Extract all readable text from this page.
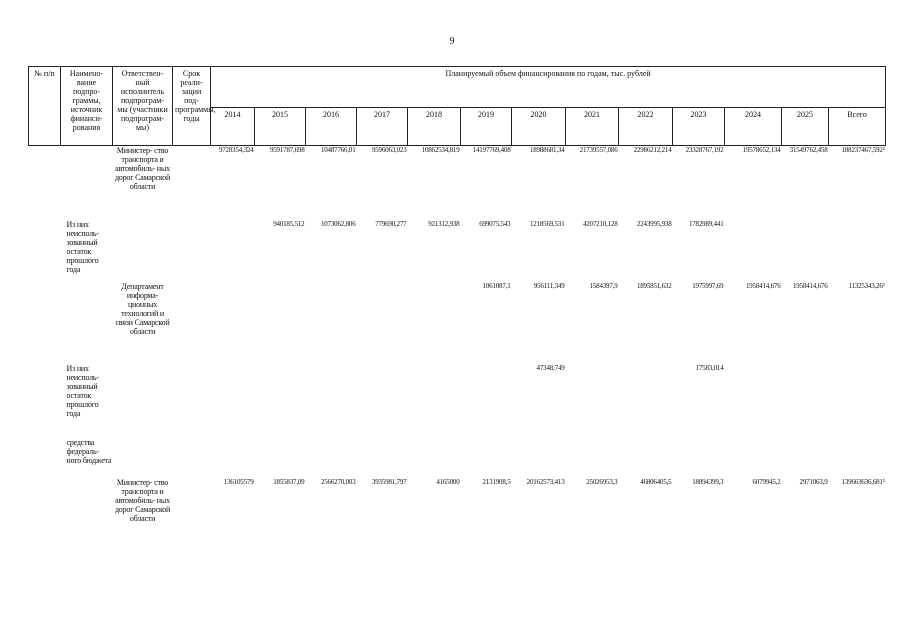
9
№ п/п	Наимено- вание подпро- граммы, источник финанси- рования	Ответствен- ный исполнитель подпрограм- мы (участники подпрограм- мы)	Срок реали- зации под- программы, годы	Планируемый объем финансирования по годам, тыс. рублей												
				2014	2015	2016	2017	2018	2019	2020	2021	2022	2023	2024	2025	Всего
		Министер- ство транспорта и автомобиль- ных дорог Самарской области		9728354,324	9591787,698	10487766,01	9596063,023	10862534,819	14197769,408	18988681,34	21739557,086	22986212,214	23328767,192	19578652,134	31549762,458	188237467,592²
	Из них неисполь- зованный остаток прошлого года				940185,512	1073062,806	779690,277	921312,938	699075,543	1218569,531	4207210,128	2243995,938	1782989,441			
		Департамент информа- ционных технологий и связи Самарской области							1061087,1	956111,349	1584397,9	1895851,632	1975997,69	1958414,676	1958414,676	11325343,26²
	Из них неисполь- зованный остаток прошлого года									47348,749			17583,014			
	средства федераль- ного бюджета															
		Министер- ство транспорта и автомобиль- ных дорог Самарской области		136105579	1855837,09	2566270,003	3935981,797	4165000	2131908,5	20162573,413	25026953,3	46806405,5	18894399,3	6079945,2	2971063,9	139663636,681²
